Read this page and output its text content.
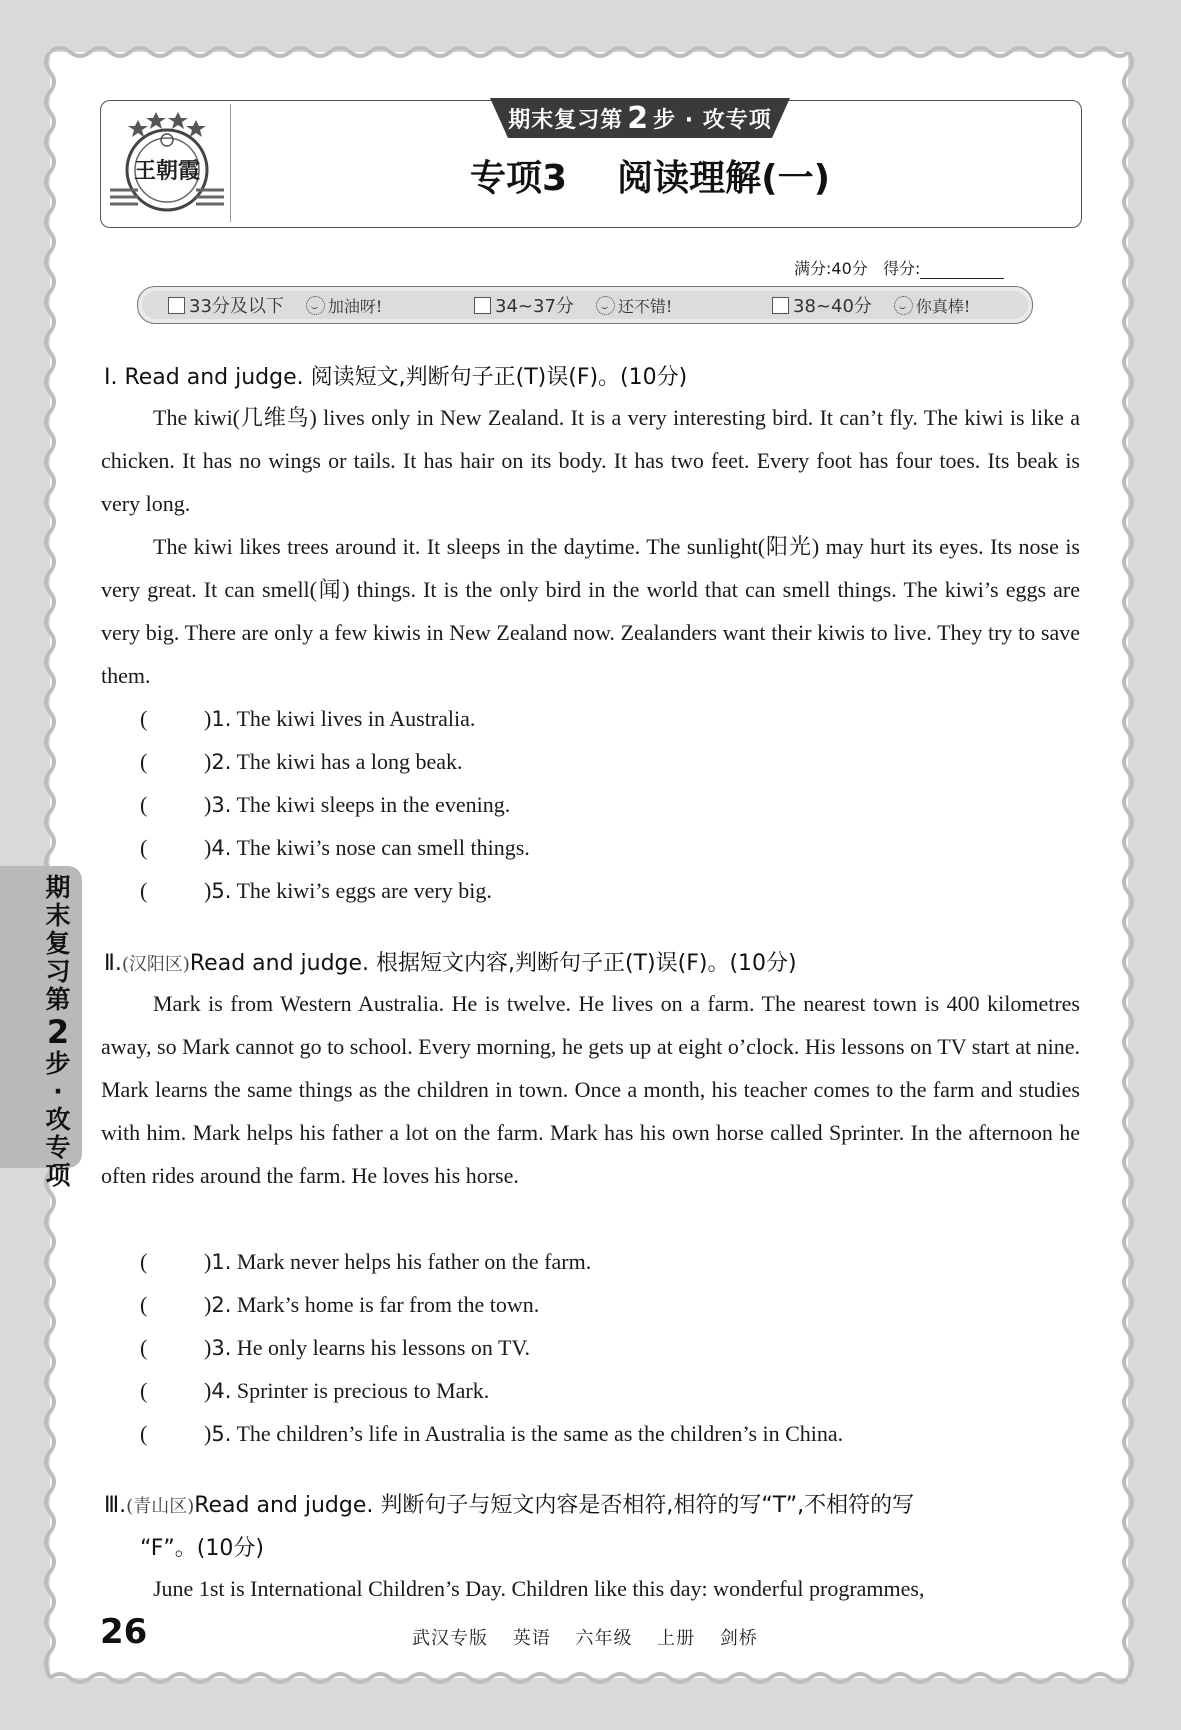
王朝霞
期末复习第 2 步 · 攻专项
专项3 阅读理解(一)
满分:40分 得分:
33分及以下	加油呀!	34~37分	还不错!	38~40分	你真棒!
Ⅰ. Read and judge. 阅读短文,判断句子正(T)误(F)。(10分)

The kiwi(几维鸟) lives only in New Zealand. It is a very interesting bird. It can’t fly. The kiwi is like a chicken. It has no wings or tails. It has hair on its body. It has two feet. Every foot has four toes. Its beak is very long.

The kiwi likes trees around it. It sleeps in the daytime. The sunlight(阳光) may hurt its eyes. Its nose is very great. It can smell(闻) things. It is the only bird in the world that can smell things. The kiwi’s eggs are very big. There are only a few kiwis in New Zealand now. Zealanders want their kiwis to live. They try to save them.

(	)1. The kiwi lives in Australia.
(	)2. The kiwi has a long beak.
(	)3. The kiwi sleeps in the evening.
(	)4. The kiwi’s nose can smell things.
(	)5. The kiwi’s eggs are very big.
Ⅱ.(汉阳区)Read and judge. 根据短文内容,判断句子正(T)误(F)。(10分)

Mark is from Western Australia. He is twelve. He lives on a farm. The nearest town is 400 kilometres away, so Mark cannot go to school. Every morning, he gets up at eight o’clock. His lessons on TV start at nine. Mark learns the same things as the children in town. Once a month, his teacher comes to the farm and studies with him. Mark helps his father a lot on the farm. Mark has his own horse called Sprinter. In the afternoon he often rides around the farm. He loves his horse.

(	)1. Mark never helps his father on the farm.
(	)2. Mark’s home is far from the town.
(	)3. He only learns his lessons on TV.
(	)4. Sprinter is precious to Mark.
(	)5. The children’s life in Australia is the same as the children’s in China.
Ⅲ.(青山区)Read and judge. 判断句子与短文内容是否相符,相符的写“T”,不相符的写
“F”。(10分)

June 1st is International Children’s Day. Children like this day: wonderful programmes,

期
末
复
习
第
2
步
·
攻
专
项
26	武汉专版 英语 六年级 上册 剑桥
